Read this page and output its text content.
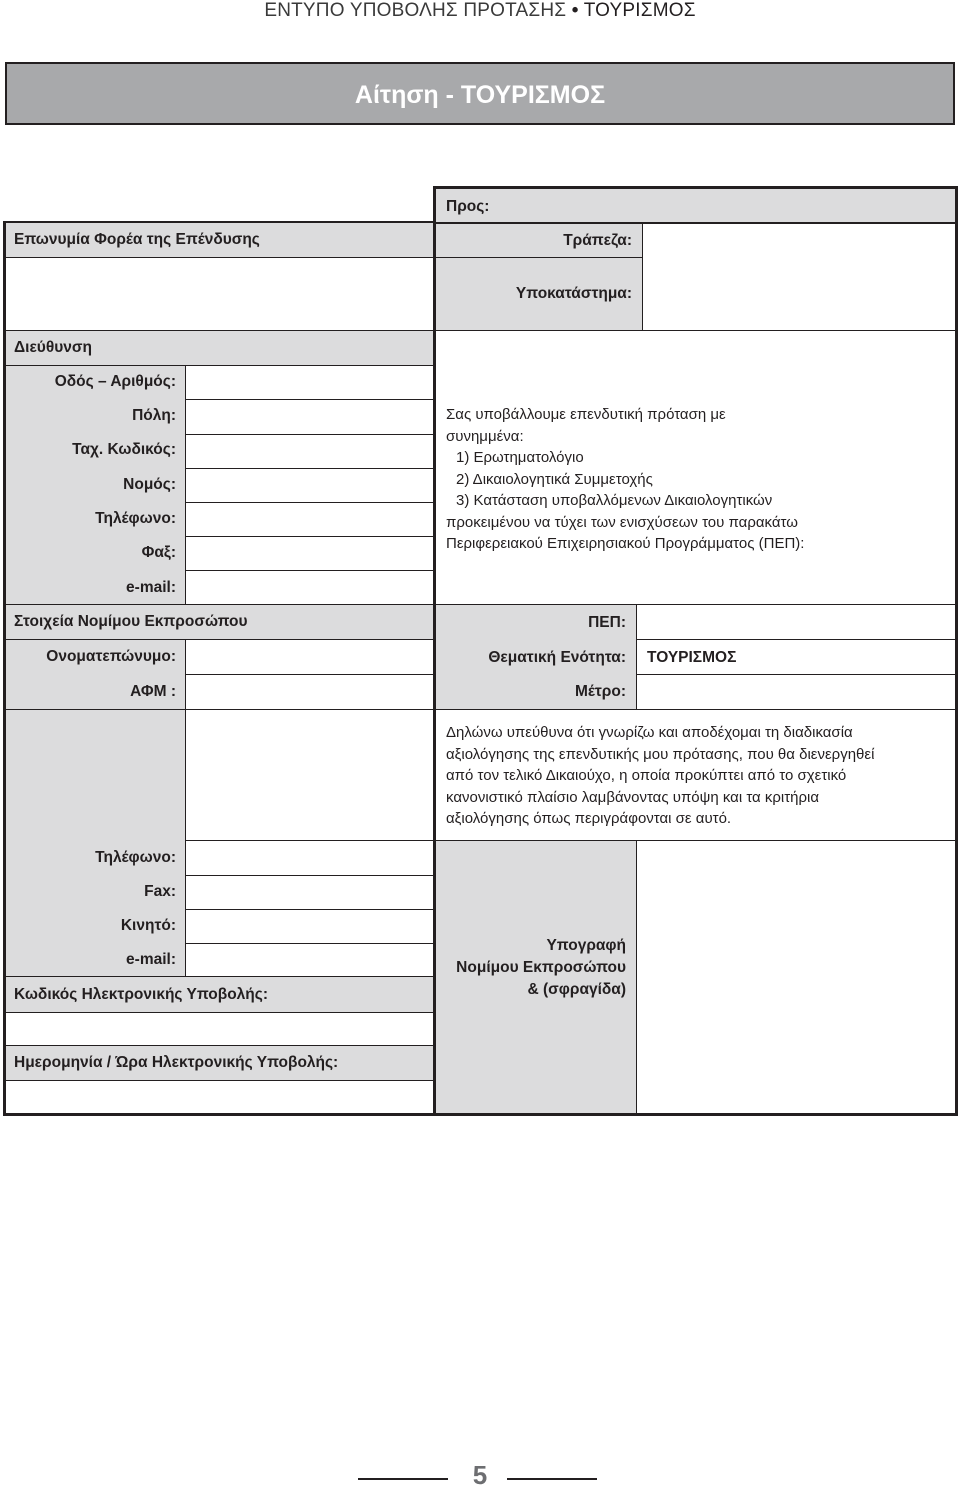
ΕΝΤΥΠΟ ΥΠΟΒΟΛΗΣ ΠΡΟΤΑΣΗΣ • ΤΟΥΡΙΣΜΟΣ
Αίτηση - ΤΟΥΡΙΣΜΟΣ
Επωνυμία Φορέα της Επένδυσης
Διεύθυνση
Οδός – Αριθμός:
Πόλη:
Ταχ. Κωδικός:
Νομός:
Τηλέφωνο:
Φαξ:
e-mail:
Στοιχεία Νομίμου Εκπροσώπου
Ονοματεπώνυμο:
ΑΦΜ :
Τηλέφωνο:
Fax:
Κινητό:
e-mail:
Κωδικός Ηλεκτρονικής Υποβολής:
Ημερομηνία / Ώρα Ηλεκτρονικής Υποβολής:
Προς:
Τράπεζα:
Υποκατάστημα:
Σας υποβάλλουμε επενδυτική πρόταση με
συνημμένα:
1) Ερωτηματολόγιο
2) Δικαιολογητικά Συμμετοχής
3) Κατάσταση υποβαλλόμενων Δικαιολογητικών
προκειμένου να τύχει των ενισχύσεων του παρακάτω
Περιφερειακού Επιχειρησιακού Προγράμματος (ΠΕΠ):
ΠΕΠ:
Θεματική Ενότητα:
Μέτρο:
ΤΟΥΡΙΣΜΟΣ
Δηλώνω υπεύθυνα ότι γνωρίζω και αποδέχομαι τη διαδικασία
αξιολόγησης της επενδυτικής μου πρότασης, που θα διενεργηθεί
από τον τελικό Δικαιούχο, η οποία προκύπτει από το σχετικό
κανονιστικό πλαίσιο λαμβάνοντας υπόψη και τα κριτήρια
αξιολόγησης όπως περιγράφονται σε αυτό.
Υπογραφή
Νομίμου Εκπροσώπου
& (σφραγίδα)
5
